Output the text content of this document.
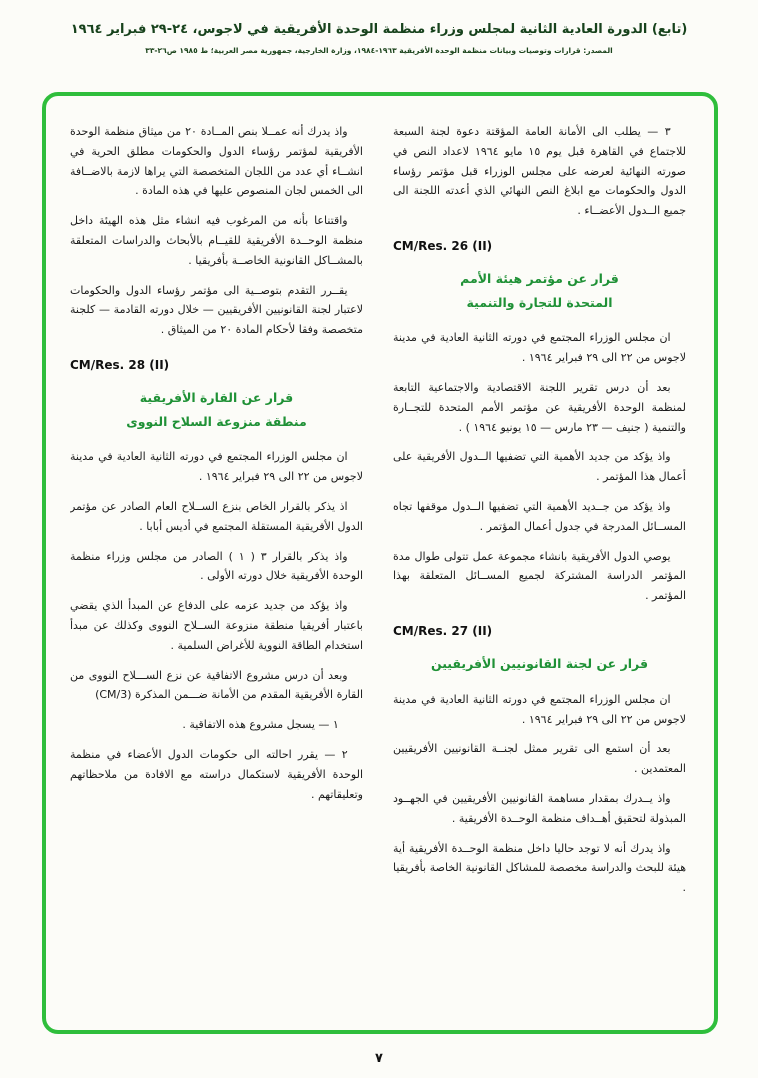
(تابع) الدورة العادية الثانية لمجلس وزراء منظمة الوحدة الأفريقية في لاجوس، ٢٤-٢٩ فبراير ١٩٦٤
المصدر: قرارات وتوصيات وبيانات منظمة الوحدة الأفريقية ١٩٦٣-١٩٨٤، وزارة الخارجية، جمهورية مصر العربية؛ ط ١٩٨٥ ص٢٦-٣٣
٣ — يطلب الى الأمانة العامة المؤقتة دعوة لجنة السبعة للاجتماع في القاهرة قبل يوم ١٥ مايو ١٩٦٤ لاعداد النص في صورته النهائية لعرضه على مجلس الوزراء قبل مؤتمر رؤساء الدول والحكومات مع ابلاغ النص النهائي الذي أعدته اللجنة الى جميع الــدول الأعضــاء .
CM/Res. 26 (II)
قرار عن مؤتمر هيئة الأمم
المتحدة للتجارة والتنمية
ان مجلس الوزراء المجتمع في دورته الثانية العادية في مدينة لاجوس من ٢٢ الى ٢٩ فبراير ١٩٦٤ .
بعد أن درس تقرير اللجنة الاقتصادية والاجتماعية التابعة لمنظمة الوحدة الأفريقية عن مؤتمر الأمم المتحدة للتجــارة والتنمية ( جنيف — ٢٣ مارس — ١٥ يونيو ١٩٦٤ ) .
واذ يؤكد من جديد الأهمية التي تضفيها الــدول الأفريقية على أعمال هذا المؤتمر .
واذ يؤكد من جــديد الأهمية التي تضفيها الــدول موقفها تجاه المســائل المدرجة في جدول أعمال المؤتمر .
يوصي الدول الأفريقية بانشاء مجموعة عمل تتولى طوال مدة المؤتمر الدراسة المشتركة لجميع المســائل المتعلقة بهذا المؤتمر .
CM/Res. 27 (II)
قرار عن لجنة القانونيين الأفريقيين
ان مجلس الوزراء المجتمع في دورته الثانية العادية في مدينة لاجوس من ٢٢ الى ٢٩ فبراير ١٩٦٤ .
بعد أن استمع الى تقرير ممثل لجنــة القانونيين الأفريقيين المعتمدين .
واذ يــدرك بمقدار مساهمة القانونيين الأفريقيين في الجهــود المبذولة لتحقيق أهــداف منظمة الوحــدة الأفريقية .
واذ يدرك أنه لا توجد حاليا داخل منظمة الوحــدة الأفريقية أية هيئة للبحث والدراسة مخصصة للمشاكل القانونية الخاصة بأفريقيا .
واذ يدرك أنه عمــلا بنص المــادة ٢٠ من ميثاق منظمة الوحدة الأفريقية لمؤتمر رؤساء الدول والحكومات مطلق الحرية في انشــاء أي عدد من اللجان المتخصصة التي يراها لازمة بالاضــافة الى الخمس لجان المنصوص عليها في هذه المادة .
واقتناعا بأنه من المرغوب فيه انشاء مثل هذه الهيئة داخل منظمة الوحــدة الأفريقية للقيــام بالأبحاث والدراسات المتعلقة بالمشــاكل القانونية الخاصــة بأفريقيا .
يقــرر التقدم بتوصــية الى مؤتمر رؤساء الدول والحكومات لاعتبار لجنة القانونيين الأفريقيين — خلال دورته القادمة — كلجنة متخصصة وفقا لأحكام المادة ٢٠ من الميثاق .
CM/Res. 28 (II)
قرار عن القارة الأفريقية
منطقة منزوعة السلاح النووى
ان مجلس الوزراء المجتمع في دورته الثانية العادية في مدينة لاجوس من ٢٢ الى ٢٩ فبراير ١٩٦٤ .
اذ يذكر بالقرار الخاص بنزع الســلاح العام الصادر عن مؤتمر الدول الأفريقية المستقلة المجتمع في أديس أبابا .
واذ يذكر بالقرار ٣ ( ١ ) الصادر من مجلس وزراء منظمة الوحدة الأفريقية خلال دورته الأولى .
واذ يؤكد من جديد عزمه على الدفاع عن المبدأ الذي يقضي باعتبار أفريقيا منطقة منزوعة الســلاح النووى وكذلك عن مبدأ استخدام الطاقة النووية للأغراض السلمية .
وبعد أن درس مشروع الاتفاقية عن نزع الســـلاح النووى من القارة الأفريقية المقدم من الأمانة ضـــمن المذكرة (CM/3)
١ — يسجل مشروع هذه الاتفاقية .
٢ — يقرر احالته الى حكومات الدول الأعضاء في منظمة الوحدة الأفريقية لاستكمال دراسته مع الافادة من ملاحظاتهم وتعليقاتهم .
٧
